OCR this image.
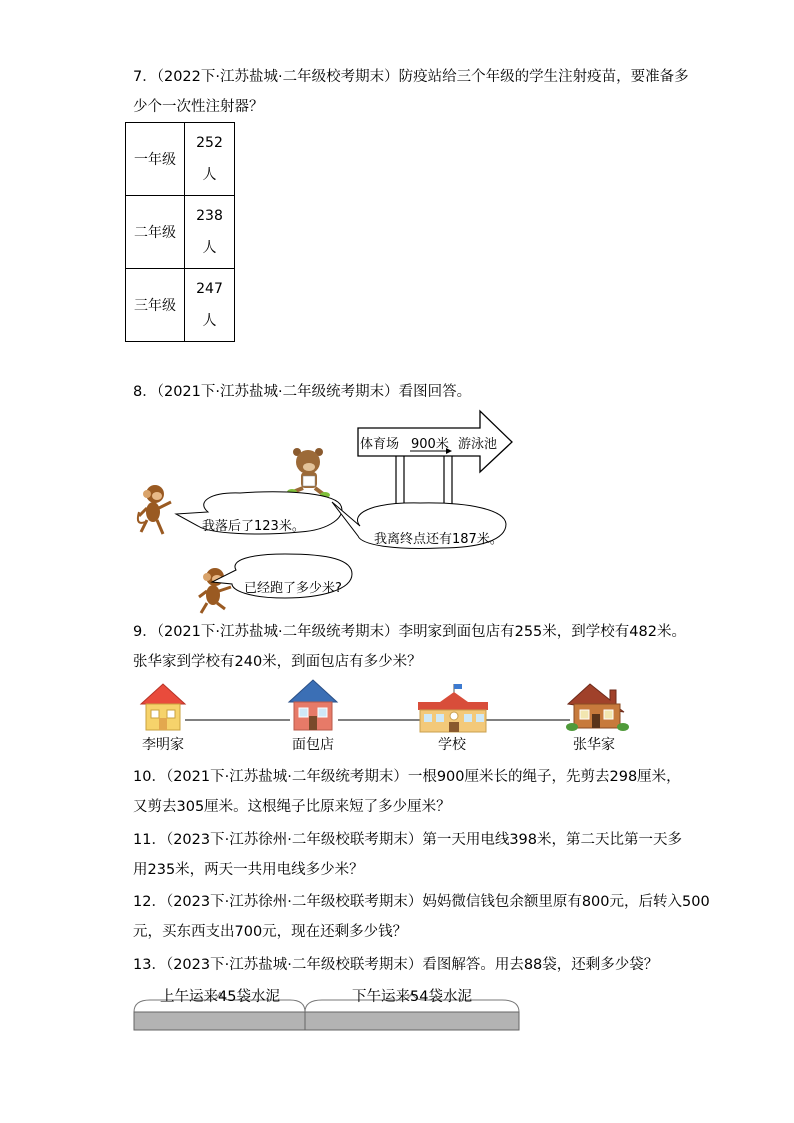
7．（2022下·江苏盐城·二年级校考期末）防疫站给三个年级的学生注射疫苗，要准备多
少个一次性注射器？
一年级	252
人

二年级	238
人

三年级	247
人
8．（2021下·江苏盐城·二年级统考期末）看图回答。
体育场 900米 游泳池
我落后了123米。
我离终点还有187米。
已经跑了多少米?
9．（2021下·江苏盐城·二年级统考期末）李明家到面包店有255米，到学校有482米。
张华家到学校有240米，到面包店有多少米？
李明家	面包店	学校	张华家
10．（2021下·江苏盐城·二年级统考期末）一根900厘米长的绳子，先剪去298厘米，
又剪去305厘米。这根绳子比原来短了多少厘米？
11．（2023下·江苏徐州·二年级校联考期末）第一天用电线398米，第二天比第一天多
用235米，两天一共用电线多少米？
12．（2023下·江苏徐州·二年级校联考期末）妈妈微信钱包余额里原有800元，后转入500
元，买东西支出700元，现在还剩多少钱？
13．（2023下·江苏盐城·二年级校联考期末）看图解答。用去88袋，还剩多少袋？
上午运来45袋水泥	下午运来54袋水泥
